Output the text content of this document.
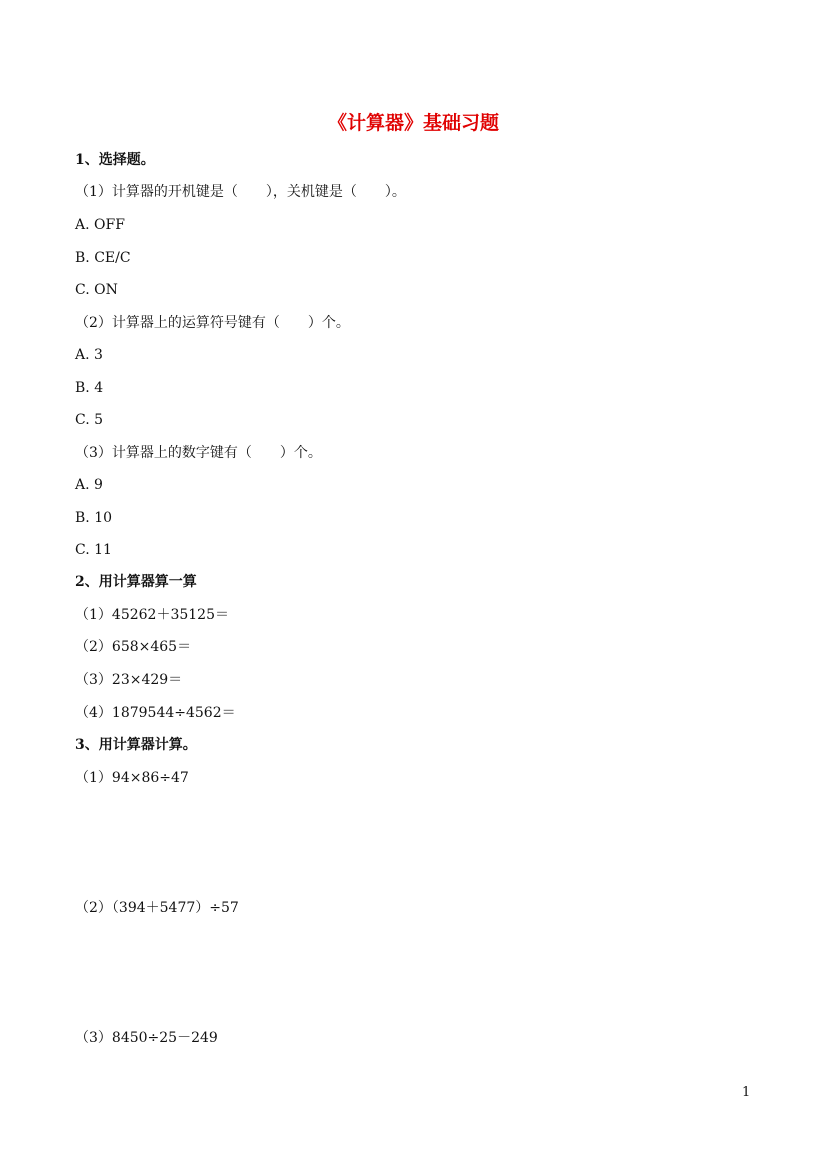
《计算器》基础习题
1、选择题。
（1）计算器的开机键是（　　），关机键是（　　）。
A. OFF
B. CE/C
C. ON
（2）计算器上的运算符号键有（　　）个。
A. 3
B. 4
C. 5
（3）计算器上的数字键有（　　）个。
A. 9
B. 10
C. 11
2、用计算器算一算
（1）45262＋35125＝
（2）658×465＝
（3）23×429＝
（4）1879544÷4562＝
3、用计算器计算。
（1）94×86÷47
（2）（394＋5477）÷57
（3）8450÷25－249
1
